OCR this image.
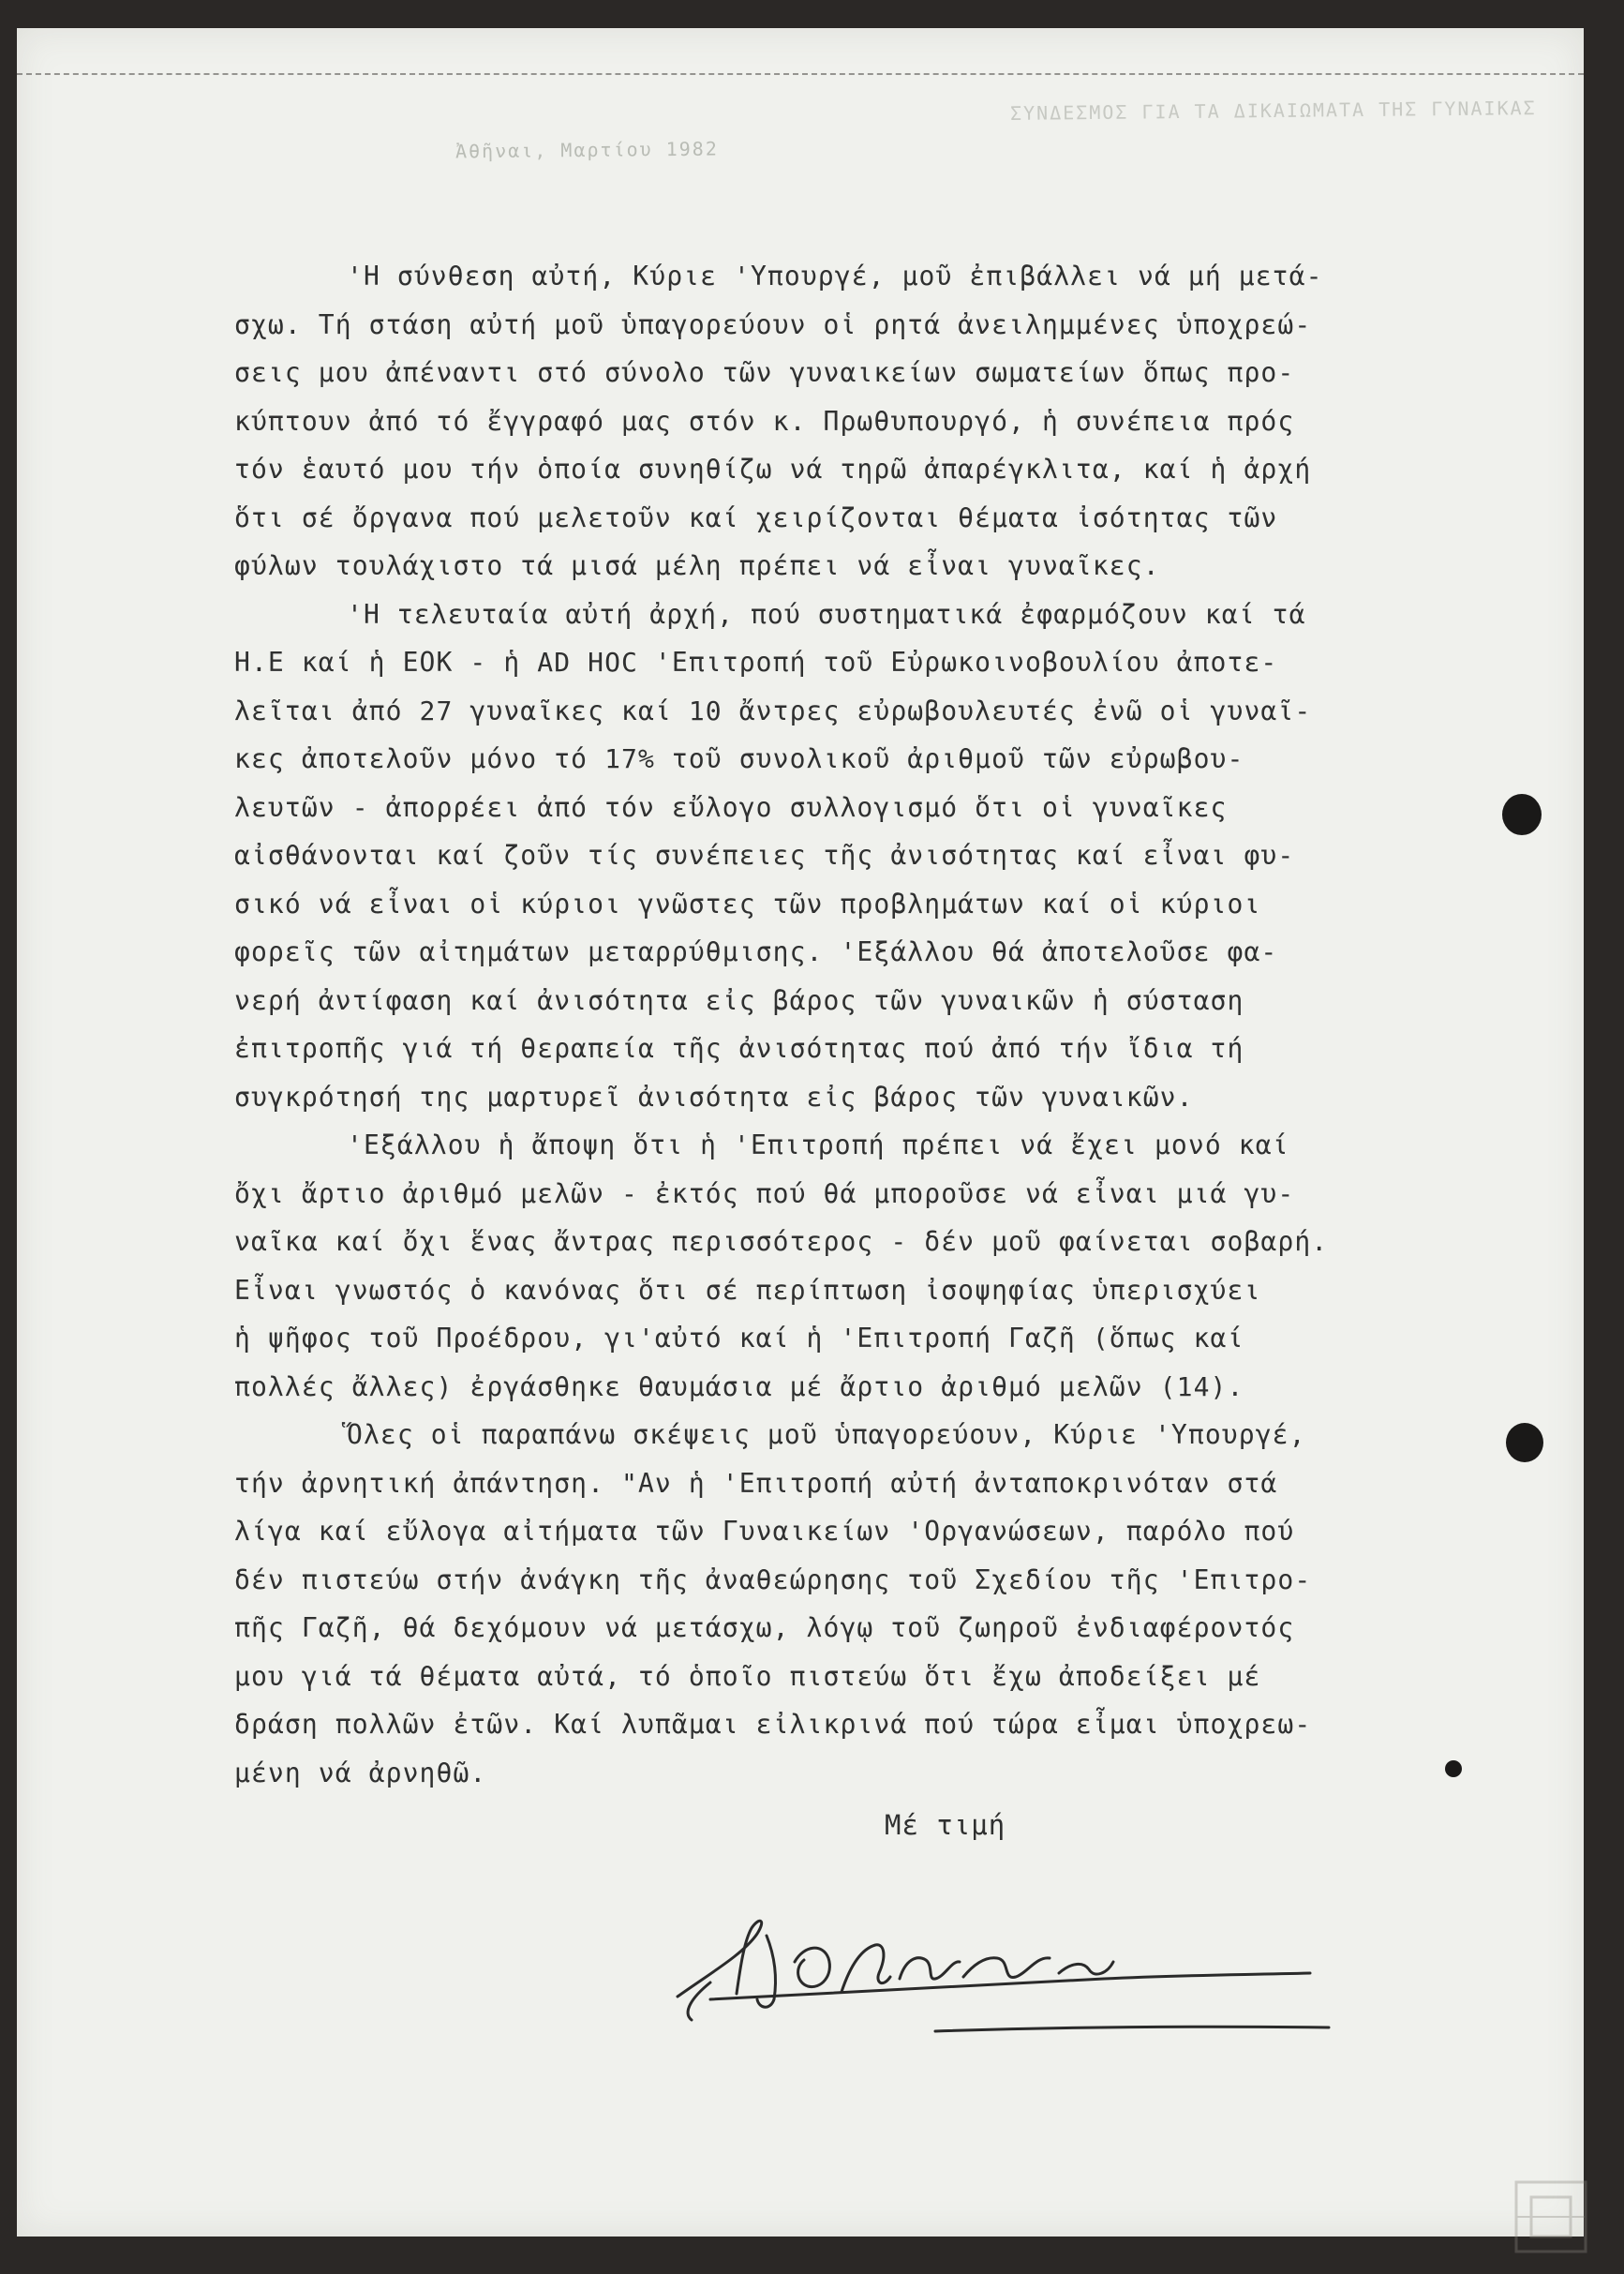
ΣΥΝΔΕΣΜΟΣ ΓΙΑ ΤΑ ΔΙΚΑΙΩΜΑΤΑ ΤΗΣ ΓΥΝΑΙΚΑΣ
Ἀθῆναι, Μαρτίου 1982
'Η σύνθεση αὐτή, Κύριε 'Υπουργέ, μοῦ ἐπιβάλλει νά μή μετά-
σχω. Τή στάση αὐτή μοῦ ὑπαγορεύουν οἱ ρητά ἀνειλημμένες ὑποχρεώ-
σεις μου ἀπέναντι στό σύνολο τῶν γυναικείων σωματείων ὅπως προ-
κύπτουν ἀπό τό ἔγγραφό μας στόν κ. Πρωθυπουργό, ἡ συνέπεια πρός
τόν ἑαυτό μου τήν ὁποία συνηθίζω νά τηρῶ ἀπαρέγκλιτα, καί ἡ ἀρχή
ὅτι σέ ὄργανα πού μελετοῦν καί χειρίζονται θέματα ἰσότητας τῶν
φύλων τουλάχιστο τά μισά μέλη πρέπει νά εἶναι γυναῖκες.
'Η τελευταία αὐτή ἀρχή, πού συστηματικά ἐφαρμόζουν καί τά
Η.Ε καί ἡ ΕΟΚ - ἡ AD HOC 'Επιτροπή τοῦ Εὐρωκοινοβουλίου ἀποτε-
λεῖται ἀπό 27 γυναῖκες καί 10 ἄντρες εὐρωβουλευτές ἐνῶ οἱ γυναῖ-
κες ἀποτελοῦν μόνο τό 17% τοῦ συνολικοῦ ἀριθμοῦ τῶν εὐρωβου-
λευτῶν - ἀπορρέει ἀπό τόν εὔλογο συλλογισμό ὅτι οἱ γυναῖκες
αἰσθάνονται καί ζοῦν τίς συνέπειες τῆς ἀνισότητας καί εἶναι φυ-
σικό νά εἶναι οἱ κύριοι γνῶστες τῶν προβλημάτων καί οἱ κύριοι
φορεῖς τῶν αἰτημάτων μεταρρύθμισης. 'Εξάλλου θά ἀποτελοῦσε φα-
νερή ἀντίφαση καί ἀνισότητα εἰς βάρος τῶν γυναικῶν ἡ σύσταση
ἐπιτροπῆς γιά τή θεραπεία τῆς ἀνισότητας πού ἀπό τήν ἴδια τή
συγκρότησή της μαρτυρεῖ ἀνισότητα εἰς βάρος τῶν γυναικῶν.
'Εξάλλου ἡ ἄποψη ὅτι ἡ 'Επιτροπή πρέπει νά ἔχει μονό καί
ὄχι ἄρτιο ἀριθμό μελῶν - ἐκτός πού θά μποροῦσε νά εἶναι μιά γυ-
ναῖκα καί ὄχι ἕνας ἄντρας περισσότερος - δέν μοῦ φαίνεται σοβαρή.
Εἶναι γνωστός ὁ κανόνας ὅτι σέ περίπτωση ἰσοψηφίας ὑπερισχύει
ἡ ψῆφος τοῦ Προέδρου, γι'αὐτό καί ἡ 'Επιτροπή Γαζῆ (ὅπως καί
πολλές ἄλλες) ἐργάσθηκε θαυμάσια μέ ἄρτιο ἀριθμό μελῶν (14).
Ὅλες οἱ παραπάνω σκέψεις μοῦ ὑπαγορεύουν, Κύριε 'Υπουργέ,
τήν ἀρνητική ἀπάντηση. "Αν ἡ 'Επιτροπή αὐτή ἀνταποκρινόταν στά
λίγα καί εὔλογα αἰτήματα τῶν Γυναικείων 'Οργανώσεων, παρόλο πού
δέν πιστεύω στήν ἀνάγκη τῆς ἀναθεώρησης τοῦ Σχεδίου τῆς 'Επιτρο-
πῆς Γαζῆ, θά δεχόμουν νά μετάσχω, λόγῳ τοῦ ζωηροῦ ἐνδιαφέροντός
μου γιά τά θέματα αὐτά, τό ὁποῖο πιστεύω ὅτι ἔχω ἀποδείξει μέ
δράση πολλῶν ἐτῶν. Καί λυπᾶμαι εἰλικρινά πού τώρα εἶμαι ὑποχρεω-
μένη νά ἀρνηθῶ.
Μέ τιμή
